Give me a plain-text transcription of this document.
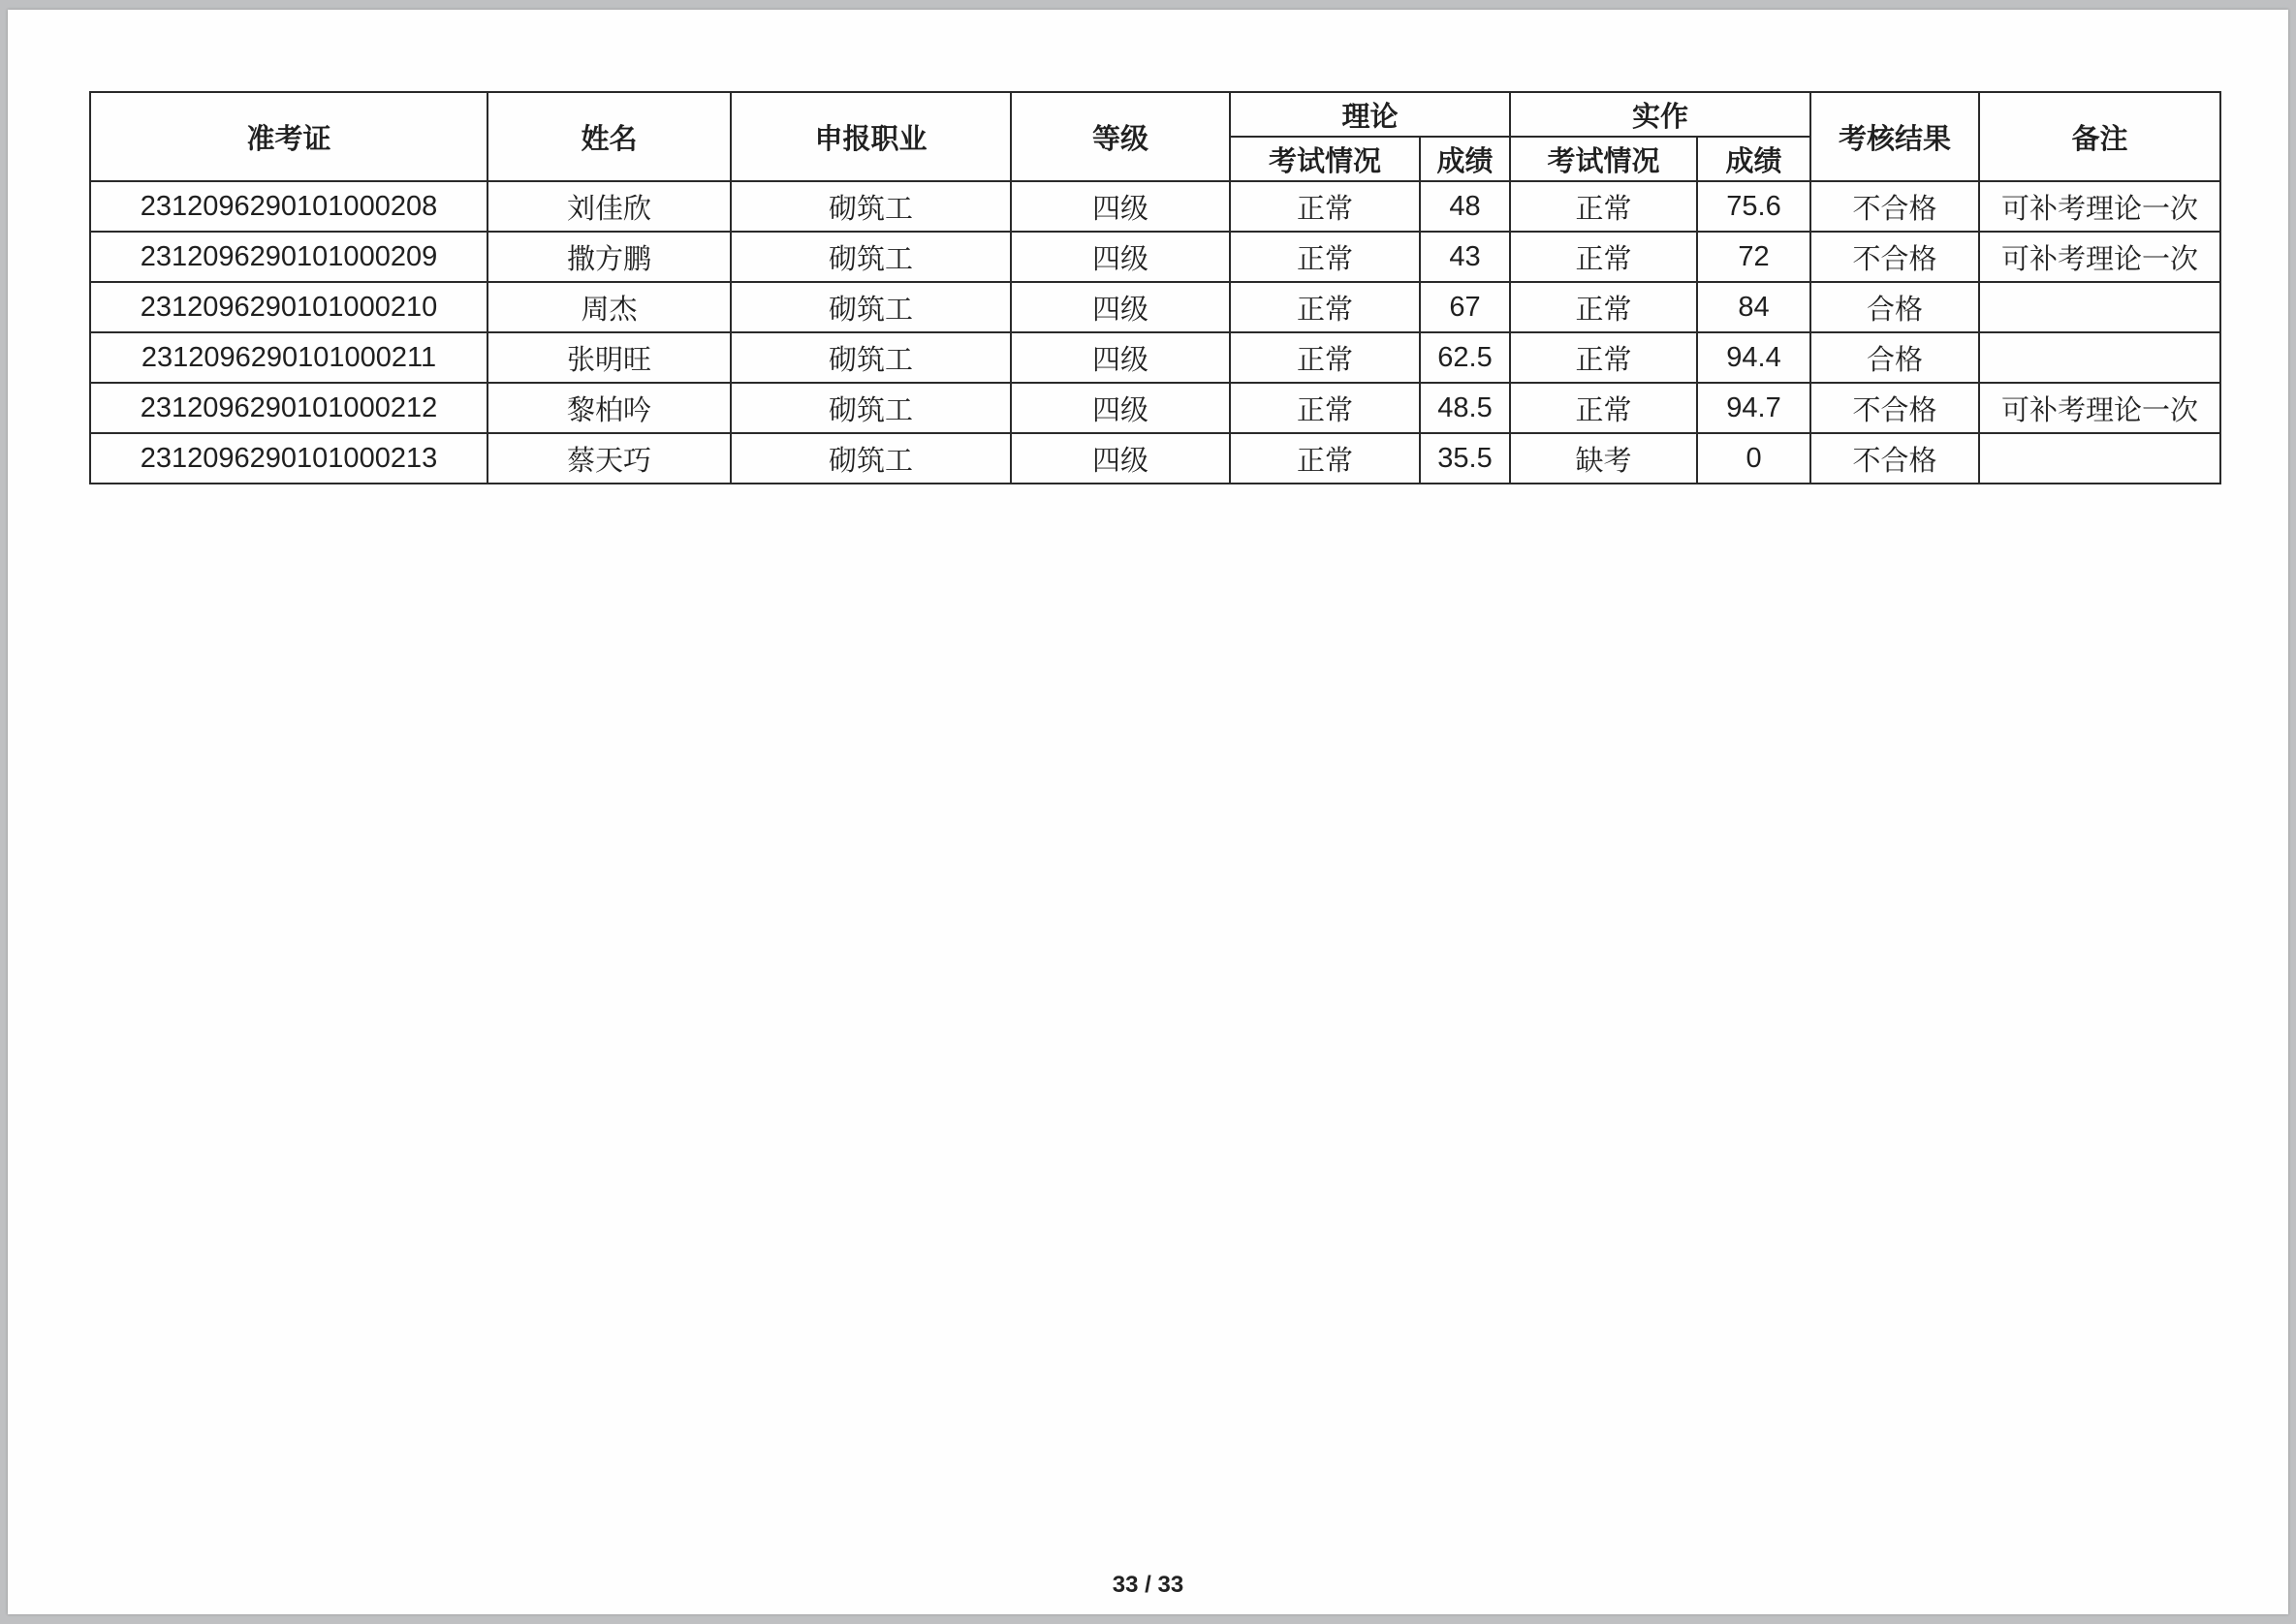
准考证	姓名	申报职业	等级	理论		实作		考核结果	备注
				考试情况	成绩	考试情况	成绩		
2312096290101000208	刘佳欣	砌筑工	四级	正常	48	正常	75.6	不合格	可补考理论一次
2312096290101000209	撒方鹏	砌筑工	四级	正常	43	正常	72	不合格	可补考理论一次
2312096290101000210	周杰	砌筑工	四级	正常	67	正常	84	合格	
2312096290101000211	张明旺	砌筑工	四级	正常	62.5	正常	94.4	合格	
2312096290101000212	黎柏吟	砌筑工	四级	正常	48.5	正常	94.7	不合格	可补考理论一次
2312096290101000213	蔡天巧	砌筑工	四级	正常	35.5	缺考	0	不合格	
33 / 33
